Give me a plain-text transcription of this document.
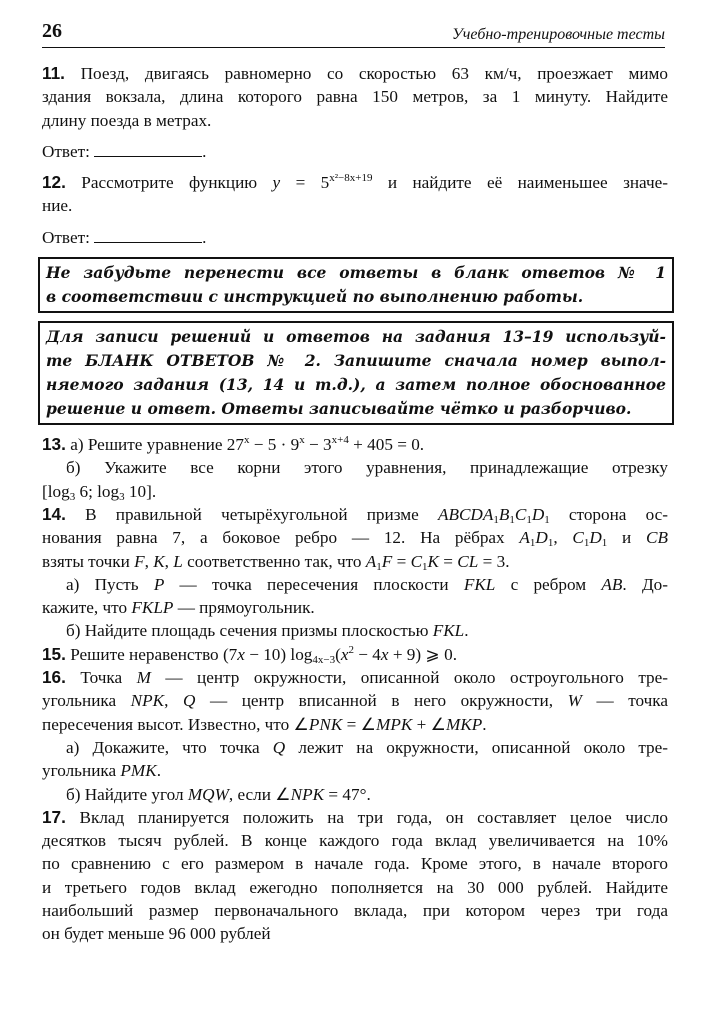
26	Учебно-тренировочные тесты
11. Поезд, двигаясь равномерно со скоростью 63 км/ч, проезжает мимо
здания вокзала, длина которого равна 150 метров, за 1 минуту. Найдите
длину поезда в метрах.
Ответ:	.
12. Рассмотрите функцию $y = 5^{x^2-8x+19}$ и найдите её наименьшее значе-
ние.
Ответ:	.
Не забудьте перенести все ответы в бланк ответов № 1
в соответствии с инструкцией по выполнению работы.
Для записи решений и ответов на задания 13–19 используй-
те БЛАНК ОТВЕТОВ № 2. Запишите сначала номер выпол-
няемого задания (13, 14 и т.д.), а затем полное обоснованное
решение и ответ. Ответы записывайте чётко и разборчиво.
13. а) Решите уравнение $27^x - 5 \cdot 9^x - 3^{x+4} + 405 = 0$.
б) Укажите все корни этого уравнения, принадлежащие отрезку
[$\log_3$ 6; $\log_3 10$].
14. В правильной четырёхугольной призме $ABCDA_1B_1C_1D_1$ сторона ос-
нования равна 7, а боковое ребро — 12. На рёбрах $A_1D_1$, $C_1D_1$ и CB
взяты точки F, K, L соответственно так, что $A_1F = C_1K$ = CL = 3.
а) Пусть P — точка пересечения плоскости FKL с ребром AB. До-
кажите, что FKLP — прямоугольник.
б) Найдите площадь сечения призмы плоскостью FKL.
15. Решите неравенство (7x − 10) $\log_{4x-3}(x^2 - 4x + 9)$ ⩾ 0.
16. Точка M — центр окружности, описанной около остроугольного тре-
угольника NPK, Q — центр вписанной в него окружности, W — точка
пересечения высот. Известно, что ∠PNK = ∠MPK + ∠MKP.
а) Докажите, что точка Q лежит на окружности, описанной около тре-
угольника PMK.
б) Найдите угол MQW, если ∠NPK = 47°.
17. Вклад планируется положить на три года, он составляет целое число
десятков тысяч рублей. В конце каждого года вклад увеличивается на 10%
по сравнению с его размером в начале года. Кроме этого, в начале второго
и третьего годов вклад ежегодно пополняется на 30 000 рублей. Найдите
наибольший размер первоначального вклада, при котором через три года
он будет меньше 96 000 рублей
